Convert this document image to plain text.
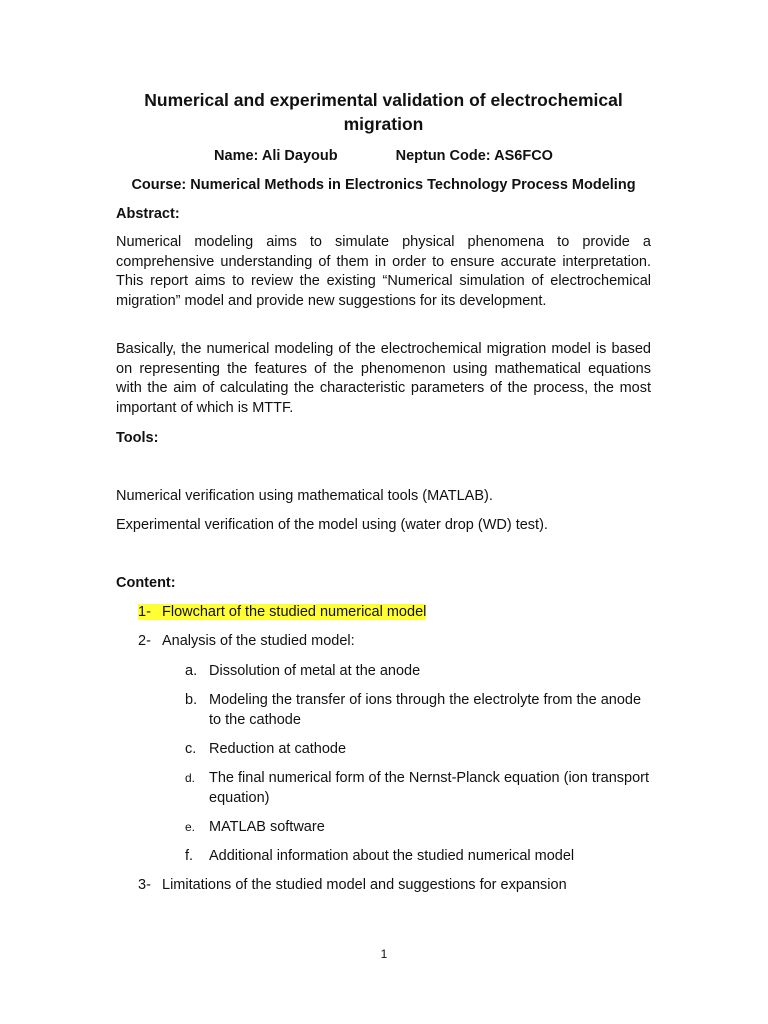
Numerical and experimental validation of electrochemical migration
Name: Ali Dayoub	Neptun Code: AS6FCO
Course: Numerical Methods in Electronics Technology Process Modeling
Abstract:
Numerical modeling aims to simulate physical phenomena to provide a comprehensive understanding of them in order to ensure accurate interpretation. This report aims to review the existing “Numerical simulation of electrochemical migration” model and provide new suggestions for its development.
Basically, the numerical modeling of the electrochemical migration model is based on representing the features of the phenomenon using mathematical equations with the aim of calculating the characteristic parameters of the process, the most important of which is MTTF.
Tools:
Numerical verification using mathematical tools (MATLAB).
Experimental verification of the model using (water drop (WD) test).
Content:
1- Flowchart of the studied numerical model
2- Analysis of the studied model:
a. Dissolution of metal at the anode
b. Modeling the transfer of ions through the electrolyte from the anode to the cathode
c. Reduction at cathode
d. The final numerical form of the Nernst-Planck equation (ion transport equation)
e. MATLAB software
f.	Additional information about the studied numerical model
3- Limitations of the studied model and suggestions for expansion
1
